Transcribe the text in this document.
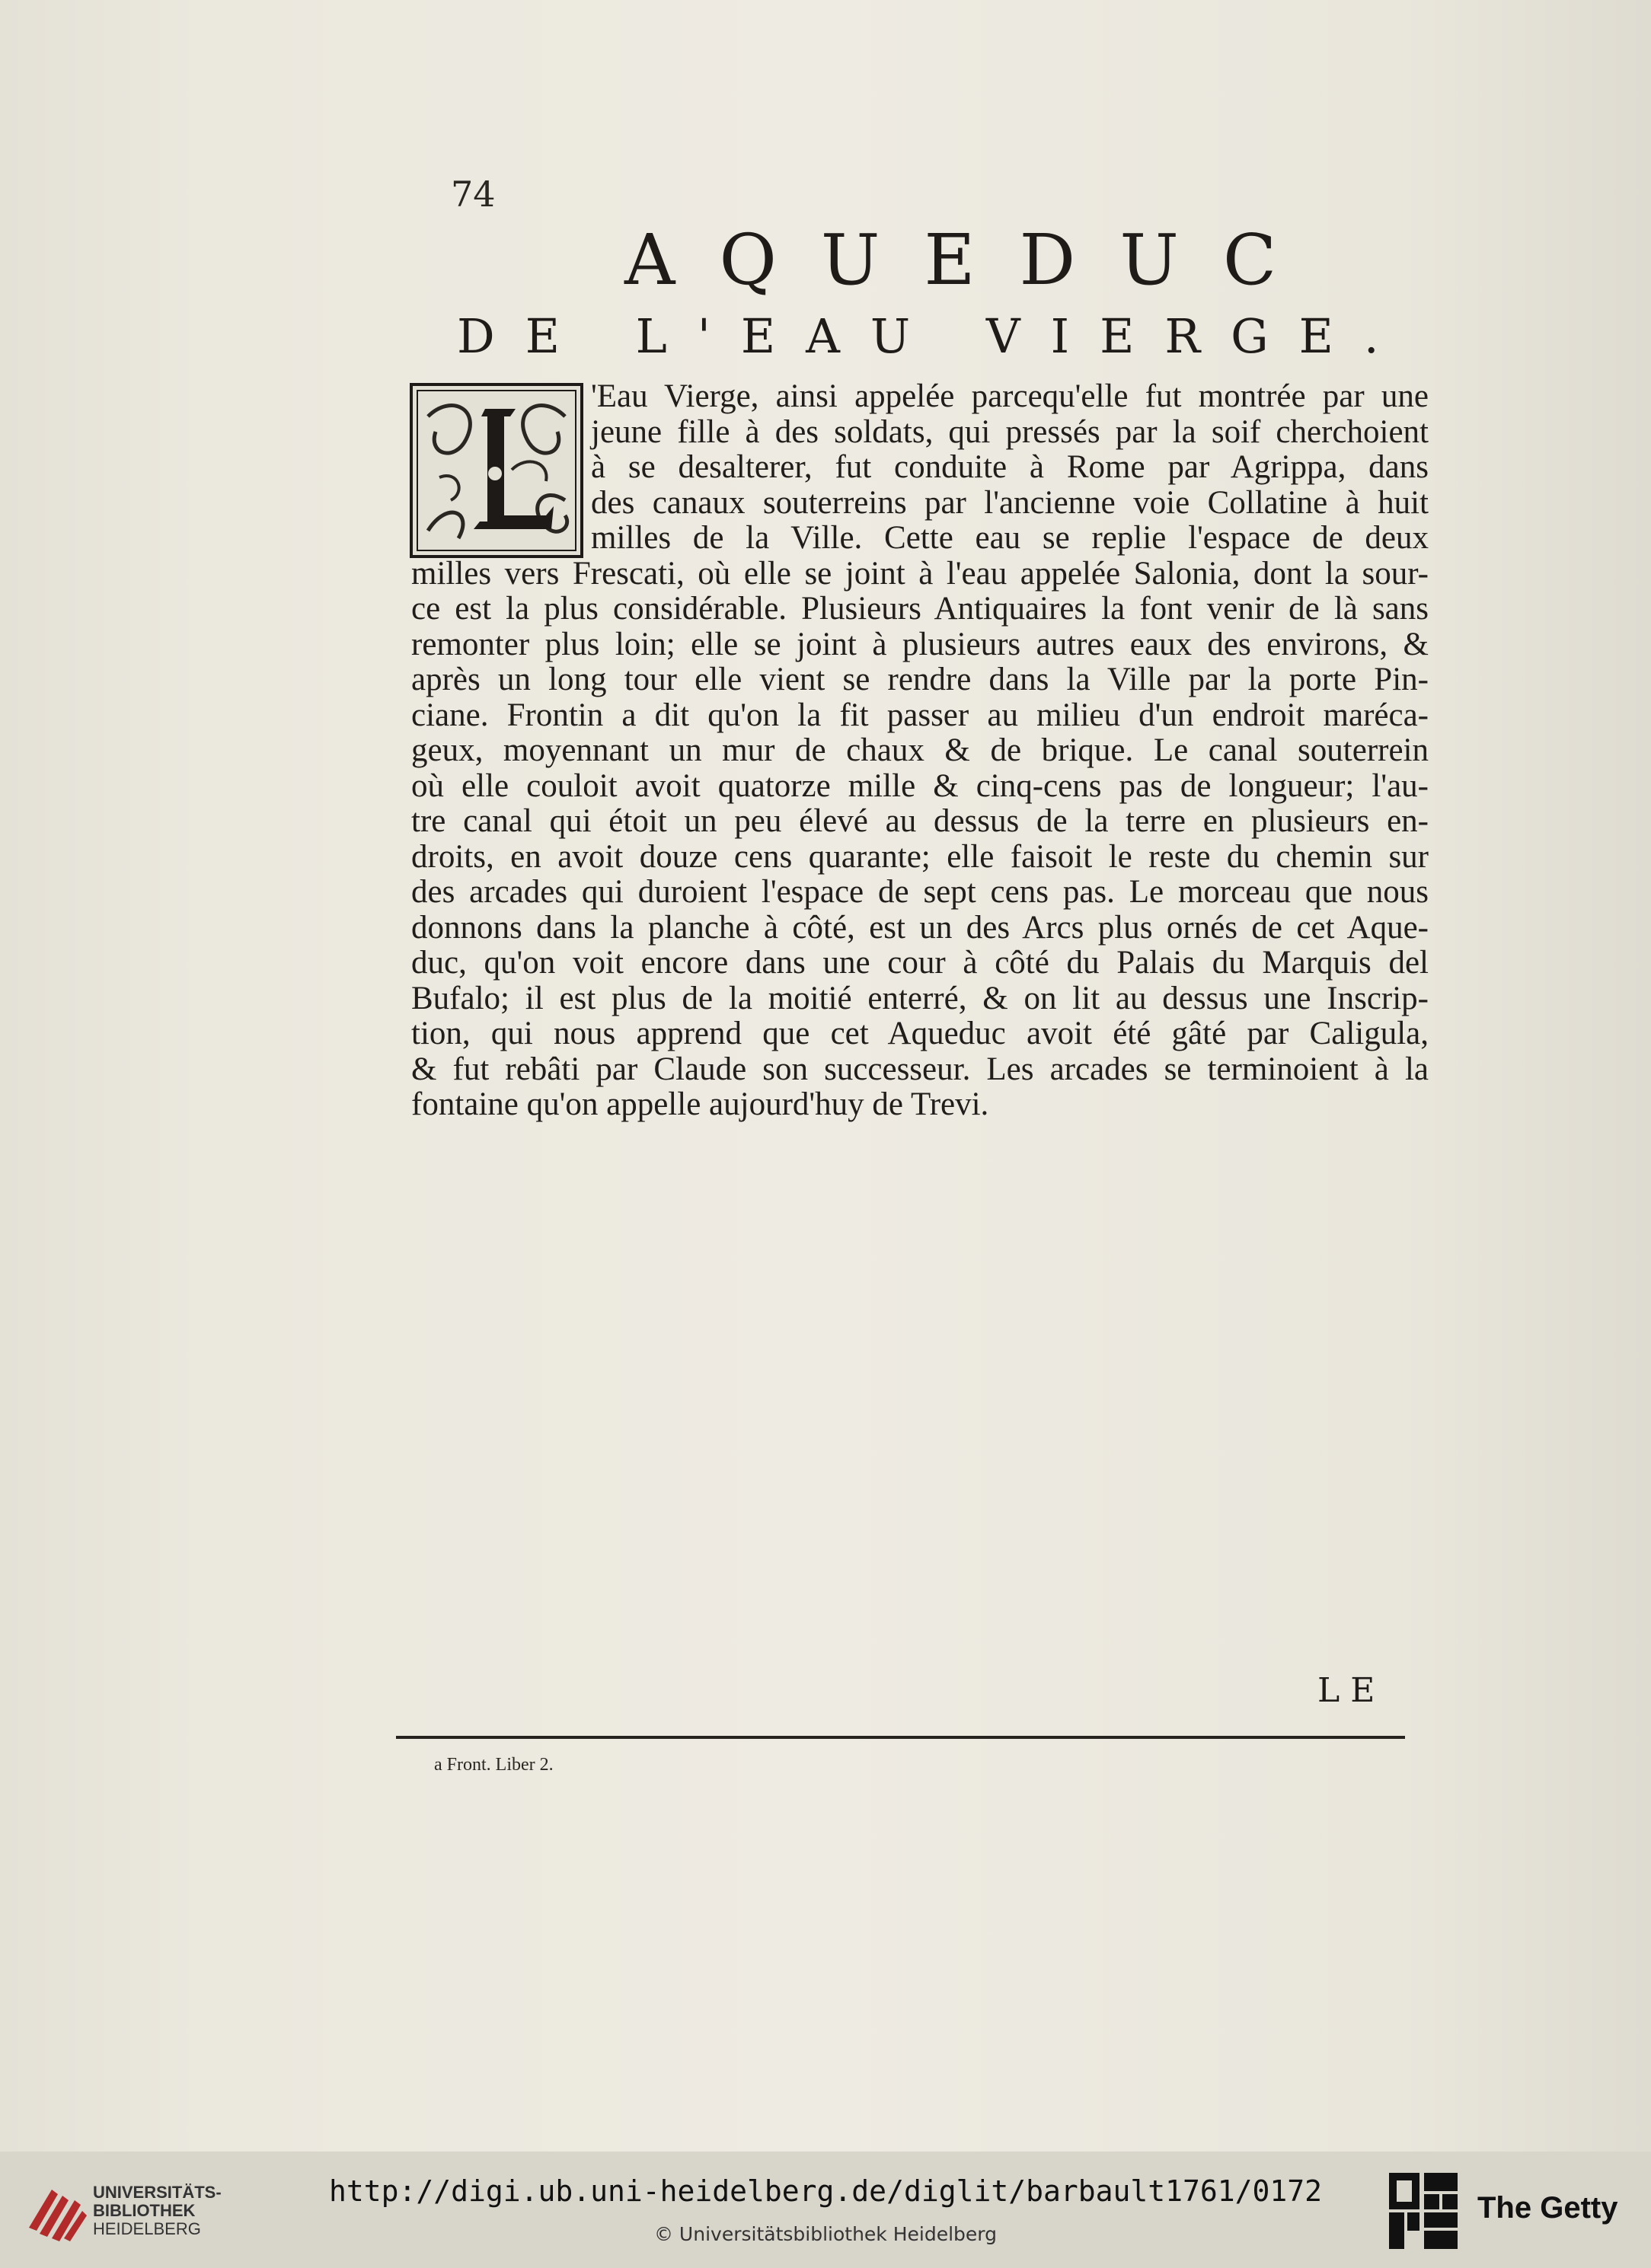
74
AQUEDUC
DE L'EAU VIERGE.
'Eau Vierge, ainsi appelée parcequ'elle fut montrée par une
jeune fille à des soldats, qui pressés par la soif cherchoient
à se desalterer, fut conduite à Rome par Agrippa, dans
des canaux souterreins par l'ancienne voie Collatine à huit
milles de la Ville. Cette eau se replie l'espace de deux
milles vers Frescati, où elle se joint à l'eau appelée Salonia, dont la sour-
ce est la plus considérable. Plusieurs Antiquaires la font venir de là sans
remonter plus loin; elle se joint à plusieurs autres eaux des environs, &
après un long tour elle vient se rendre dans la Ville par la porte Pin-
ciane. Frontin a dit qu'on la fit passer au milieu d'un endroit maréca-
geux, moyennant un mur de chaux & de brique. Le canal souterrein
où elle couloit avoit quatorze mille & cinq-cens pas de longueur; l'au-
tre canal qui étoit un peu élevé au dessus de la terre en plusieurs en-
droits, en avoit douze cens quarante; elle faisoit le reste du chemin sur
des arcades qui duroient l'espace de sept cens pas. Le morceau que nous
donnons dans la planche à côté, est un des Arcs plus ornés de cet Aque-
duc, qu'on voit encore dans une cour à côté du Palais du Marquis del
Bufalo; il est plus de la moitié enterré, & on lit au dessus une Inscrip-
tion, qui nous apprend que cet Aqueduc avoit été gâté par Caligula,
& fut rebâti par Claude son successeur. Les arcades se terminoient à la
fontaine qu'on appelle aujourd'huy de Trevi.
LE
a Front. Liber 2.
UNIVERSITÄTS-
BIBLIOTHEK
HEIDELBERG
http://digi.ub.uni-heidelberg.de/diglit/barbault1761/0172
© Universitätsbibliothek Heidelberg
The Getty
